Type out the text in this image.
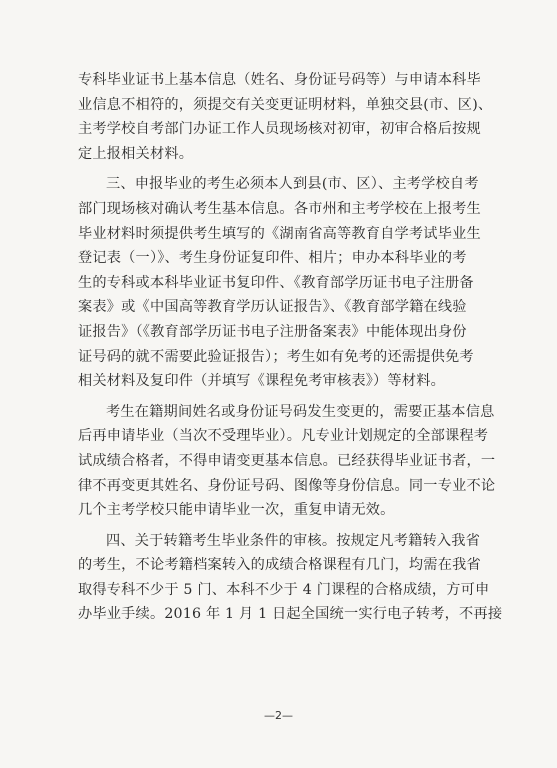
专科毕业证书上基本信息（姓名、身份证号码等）与申请本科毕
业信息不相符的，须提交有关变更证明材料，单独交县(市、区)、
主考学校自考部门办证工作人员现场核对初审，初审合格后按规
定上报相关材料。
三、申报毕业的考生必须本人到县(市、区）、主考学校自考
部门现场核对确认考生基本信息。各市州和主考学校在上报考生
毕业材料时须提供考生填写的《湖南省高等教育自学考试毕业生
登记表（一）》、考生身份证复印件、相片；申办本科毕业的考
生的专科或本科毕业证书复印件、《教育部学历证书电子注册备
案表》或《中国高等教育学历认证报告》、《教育部学籍在线验
证报告》（《教育部学历证书电子注册备案表》中能体现出身份
证号码的就不需要此验证报告）；考生如有免考的还需提供免考
相关材料及复印件（并填写《课程免考审核表》）等材料。
考生在籍期间姓名或身份证号码发生变更的，需要正基本信息
后再申请毕业（当次不受理毕业）。凡专业计划规定的全部课程考
试成绩合格者，不得申请变更基本信息。已经获得毕业证书者，一
律不再变更其姓名、身份证号码、图像等身份信息。同一专业不论
几个主考学校只能申请毕业一次，重复申请无效。
四、关于转籍考生毕业条件的审核。按规定凡考籍转入我省
的考生，不论考籍档案转入的成绩合格课程有几门，均需在我省
取得专科不少于 5 门、本科不少于 4 门课程的合格成绩，方可申
办毕业手续。2016 年 1 月 1 日起全国统一实行电子转考，不再接
—2—
